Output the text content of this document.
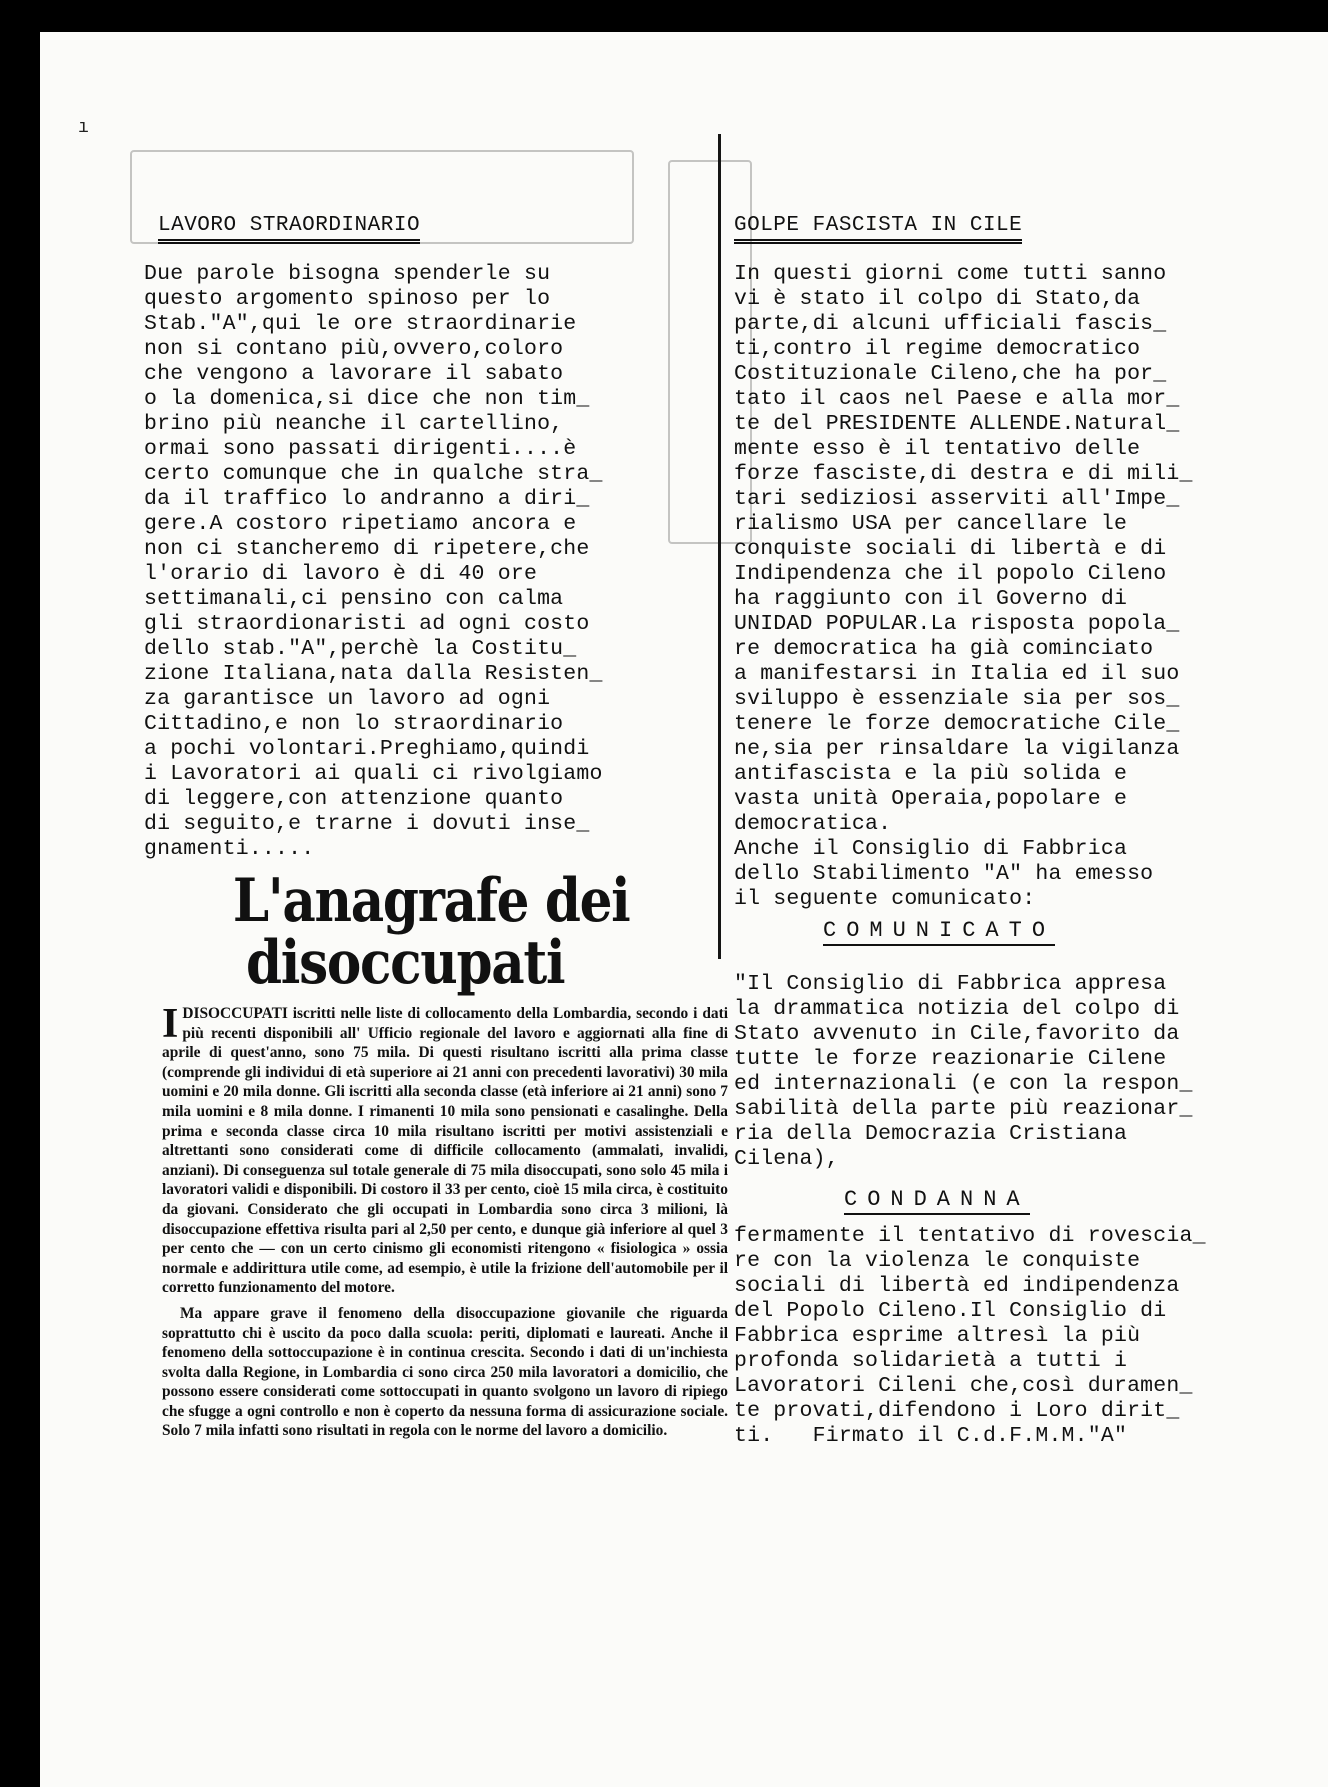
ı
LAVORO STRAORDINARIO
Due parole bisogna spenderle su
questo argomento spinoso per lo
Stab."A",qui le ore straordinarie
non si contano più,ovvero,coloro
che vengono a lavorare il sabato
o la domenica,si dice che non tim_
brino più neanche il cartellino,
ormai sono passati dirigenti....è
certo comunque che in qualche stra_
da il traffico lo andranno a diri_
gere.A costoro ripetiamo ancora e
non ci stancheremo di ripetere,che
l'orario di lavoro è di 40 ore
settimanali,ci pensino con calma
gli straordionaristi ad ogni costo
dello stab."A",perchè la Costitu_
zione Italiana,nata dalla Resisten_
za garantisce un lavoro ad ogni
Cittadino,e non lo straordinario
a pochi volontari.Preghiamo,quindi
i Lavoratori ai quali ci rivolgiamo
di leggere,con attenzione quanto
di seguito,e trarne i dovuti inse_
gnamenti.....
L'anagrafe dei
disoccupati

IDISOCCUPATI iscritti nelle liste di collocamento della Lombardia, secondo i dati più recenti disponibili all' Ufficio regionale del lavoro e aggiornati alla fine di aprile di quest'anno, sono 75 mila. Di questi risultano iscritti alla prima classe (comprende gli individui di età superiore ai 21 anni con precedenti lavorativi) 30 mila uomini e 20 mila donne. Gli iscritti alla seconda classe (età inferiore ai 21 anni) sono 7 mila uomini e 8 mila donne. I rimanenti 10 mila sono pensionati e casalinghe. Della prima e seconda classe circa 10 mila risultano iscritti per motivi assistenziali e altrettanti sono considerati come di difficile collocamento (ammalati, invalidi, anziani). Di conseguenza sul totale generale di 75 mila disoccupati, sono solo 45 mila i lavoratori validi e disponibili. Di costoro il 33 per cento, cioè 15 mila circa, è costituito da giovani. Considerato che gli occupati in Lombardia sono circa 3 milioni, là disoccupazione effettiva risulta pari al 2,50 per cento, e dunque già inferiore al quel 3 per cento che — con un certo cinismo gli economisti ritengono « fisiologica » ossia normale e addirittura utile come, ad esempio, è utile la frizione dell'automobile per il corretto funzionamento del motore.

Ma appare grave il fenomeno della disoccupazione giovanile che riguarda soprattutto chi è uscito da poco dalla scuola: periti, diplomati e laureati. Anche il fenomeno della sottoccupazione è in continua crescita. Secondo i dati di un'inchiesta svolta dalla Regione, in Lombardia ci sono circa 250 mila lavoratori a domicilio, che possono essere considerati come sottoccupati in quanto svolgono un lavoro di ripiego che sfugge a ogni controllo e non è coperto da nessuna forma di assicurazione sociale. Solo 7 mila infatti sono risultati in regola con le norme del lavoro a domicilio.

GOLPE FASCISTA IN CILE
In questi giorni come tutti sanno
vi è stato il colpo di Stato,da
parte,di alcuni ufficiali fascis_
ti,contro il regime democratico
Costituzionale Cileno,che ha por_
tato il caos nel Paese e alla mor_
te del PRESIDENTE ALLENDE.Natural_
mente esso è il tentativo delle
forze fasciste,di destra e di mili_
tari sediziosi asserviti all'Impe_
rialismo USA per cancellare le
conquiste sociali di libertà e di
Indipendenza che il popolo Cileno
ha raggiunto con il Governo di
UNIDAD POPULAR.La risposta popola_
re democratica ha già cominciato
a manifestarsi in Italia ed il suo
sviluppo è essenziale sia per sos_
tenere le forze democratiche Cile_
ne,sia per rinsaldare la vigilanza
antifascista e la più solida e
vasta unità Operaia,popolare e
democratica.
Anche il Consiglio di Fabbrica
dello Stabilimento "A" ha emesso
il seguente comunicato:
COMUNICATO
"Il Consiglio di Fabbrica appresa
la drammatica notizia del colpo di
Stato avvenuto in Cile,favorito da
tutte le forze reazionarie Cilene
ed internazionali (e con la respon_
sabilità della parte più reazionar_
ria della Democrazia Cristiana
Cilena),
CONDANNA
fermamente il tentativo di rovescia_
re con la violenza le conquiste
sociali di libertà ed indipendenza
del Popolo Cileno.Il Consiglio di
Fabbrica esprime altresì la più
profonda solidarietà a tutti i
Lavoratori Cileni che,così duramen_
te provati,difendono i Loro dirit_
ti.   Firmato il C.d.F.M.M."A"
